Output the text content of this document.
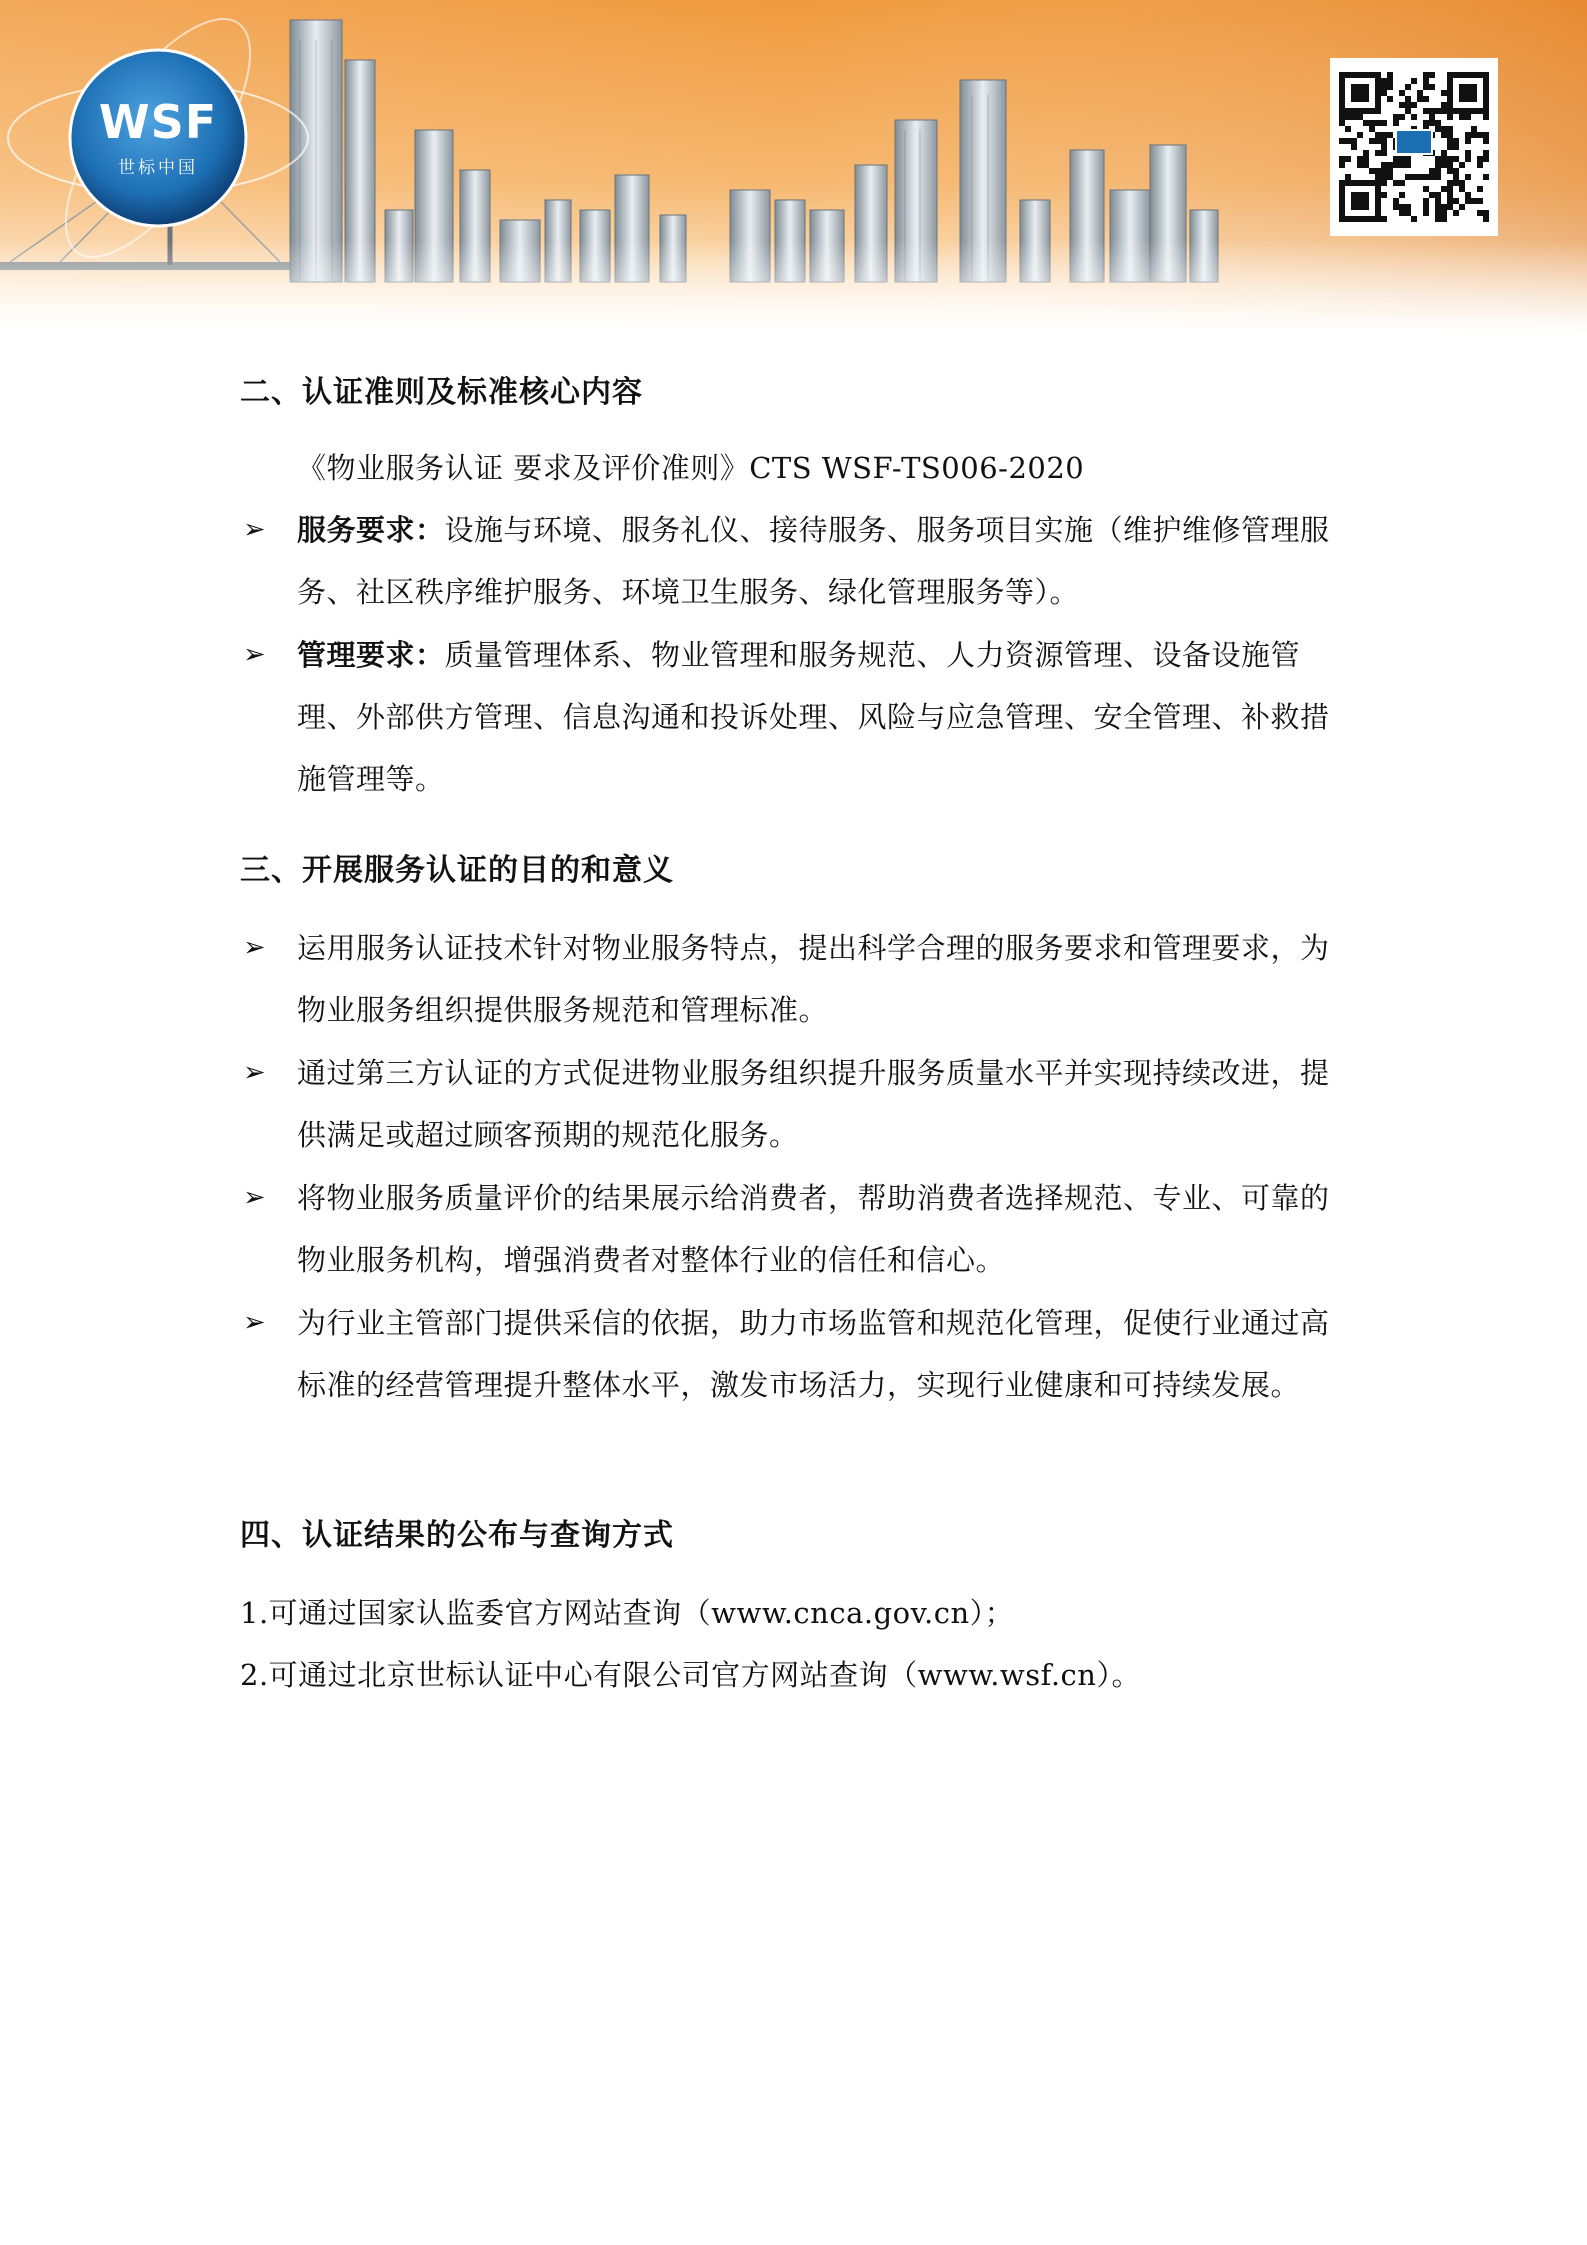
WSF
世标中国
二、认证准则及标准核心内容

《物业服务认证 要求及评价准则》CTS WSF-TS006-2020

➢ 服务要求：设施与环境、服务礼仪、接待服务、服务项目实施（维护维修管理服务、社区秩序维护服务、环境卫生服务、绿化管理服务等）。

➢ 管理要求：质量管理体系、物业管理和服务规范、人力资源管理、设备设施管理、外部供方管理、信息沟通和投诉处理、风险与应急管理、安全管理、补救措施管理等。

三、开展服务认证的目的和意义
➢ 运用服务认证技术针对物业服务特点，提出科学合理的服务要求和管理要求，为物业服务组织提供服务规范和管理标准。

➢ 通过第三方认证的方式促进物业服务组织提升服务质量水平并实现持续改进，提供满足或超过顾客预期的规范化服务。

➢ 将物业服务质量评价的结果展示给消费者，帮助消费者选择规范、专业、可靠的物业服务机构，增强消费者对整体行业的信任和信心。

➢ 为行业主管部门提供采信的依据，助力市场监管和规范化管理，促使行业通过高标准的经营管理提升整体水平，激发市场活力，实现行业健康和可持续发展。

四、认证结果的公布与查询方式

1.可通过国家认监委官方网站查询（www.cnca.gov.cn）；

2.可通过北京世标认证中心有限公司官方网站查询（www.wsf.cn）。
